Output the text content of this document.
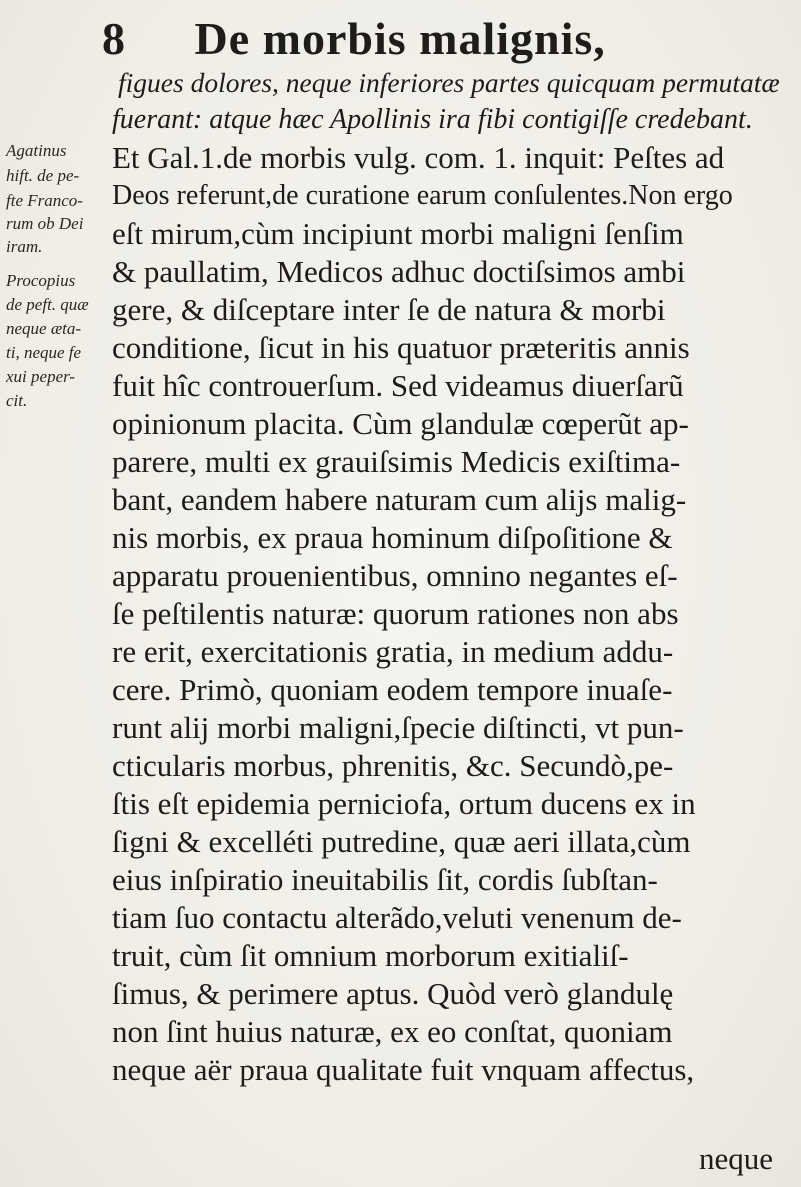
8 De morbis malignis,
Agatinus
hift. de pe-
fte Franco-
rum ob Dei
iram.
Procopius
de peft. quæ
neque æta-
ti, neque fe
xui peper-
cit.
figues dolores, neque inferiores partes quicquam permutatæ
fuerant: atque hæc Apollinis ira fibi contigiſſe credebant.
Et Gal.1.de morbis vulg. com. 1. inquit: Peſtes ad
Deos referunt,de curatione earum conſulentes.Non ergo
eſt mirum,cùm incipiunt morbi maligni ſenſim
& paullatim, Medicos adhuc doctiſsimos ambi
gere, & diſceptare inter ſe de natura & morbi
conditione, ſicut in his quatuor præteritis annis
fuit hîc controuerſum. Sed videamus diuerſarũ
opinionum placita. Cùm glandulæ cœperũt ap-
parere, multi ex grauiſsimis Medicis exiſtima-
bant, eandem habere naturam cum alijs malig-
nis morbis, ex praua hominum diſpoſitione &
apparatu prouenientibus, omnino negantes eſ-
ſe peſtilentis naturæ: quorum rationes non abs
re erit, exercitationis gratia, in medium addu-
cere. Primò, quoniam eodem tempore inuaſe-
runt alij morbi maligni,ſpecie diſtincti, vt pun-
cticularis morbus, phrenitis, &c. Secundò,pe-
ſtis eſt epidemia perniciofa, ortum ducens ex in
ſigni & excelléti putredine, quæ aeri illata,cùm
eius inſpiratio ineuitabilis ſit, cordis ſubſtan-
tiam ſuo contactu alterãdo,veluti venenum de-
truit, cùm ſit omnium morborum exitialiſ-
ſimus, & perimere aptus. Quòd verò glandulę
non ſint huius naturæ, ex eo conſtat, quoniam
neque aër praua qualitate fuit vnquam affectus,
neque
